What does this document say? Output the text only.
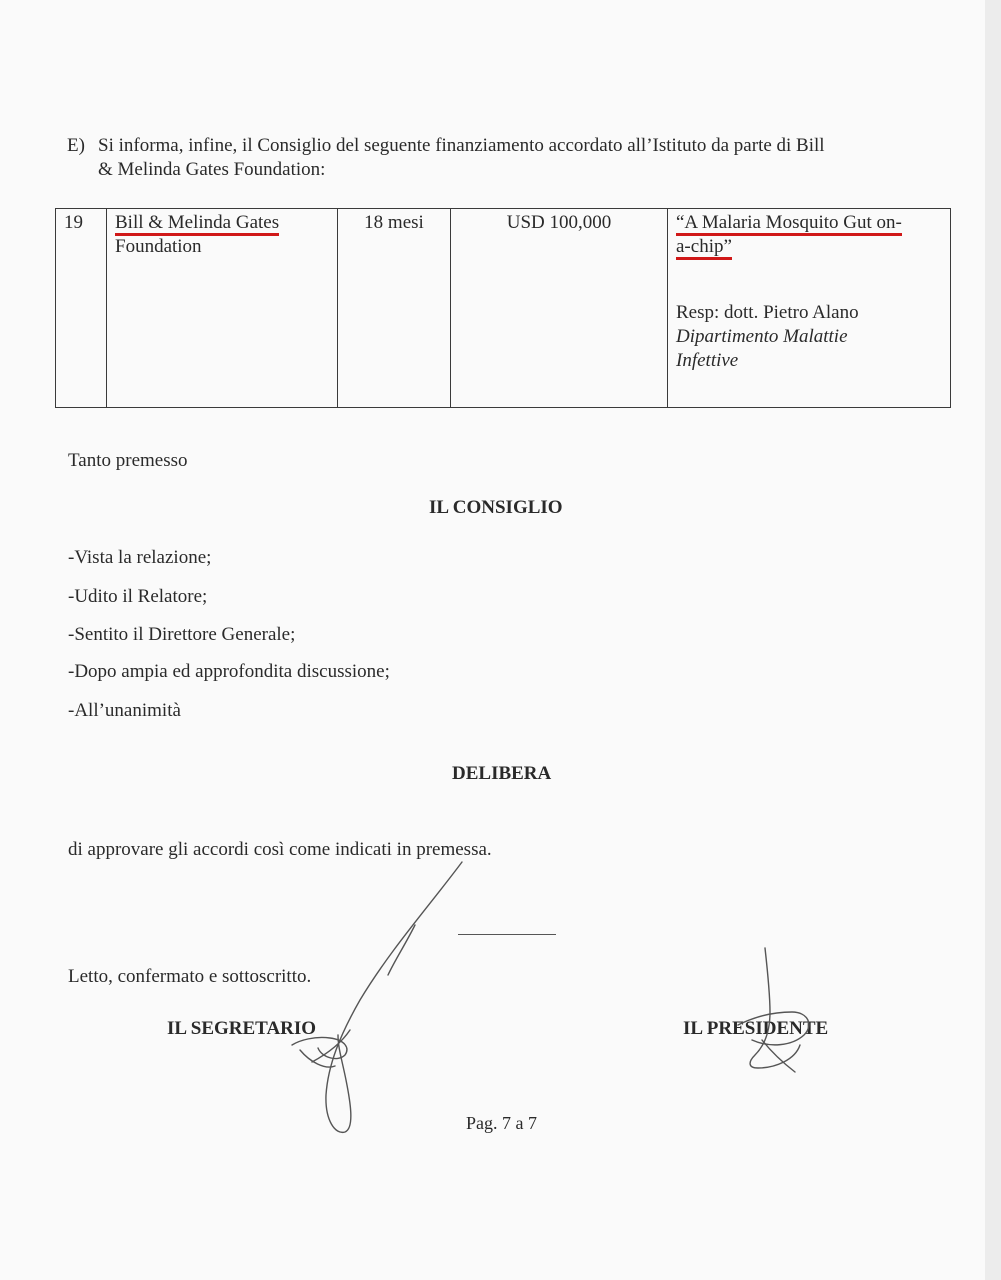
E) Si informa, infine, il Consiglio del seguente finanziamento accordato all’Istituto da parte di Bill
& Melinda Gates Foundation:
19	Bill & Melinda Gates
Foundation	18 mesi	USD 100,000	“A Malaria Mosquito Gut on-
a-chip”
Resp: dott. Pietro Alano
Dipartimento Malattie
Infettive
Tanto premesso
IL CONSIGLIO
-Vista la relazione;
-Udito il Relatore;
-Sentito il Direttore Generale;
-Dopo ampia ed approfondita discussione;
-All’unanimità
DELIBERA
di approvare gli accordi così come indicati in premessa.
Letto, confermato e sottoscritto.
IL SEGRETARIO	IL PRESIDENTE
Pag. 7 a 7
